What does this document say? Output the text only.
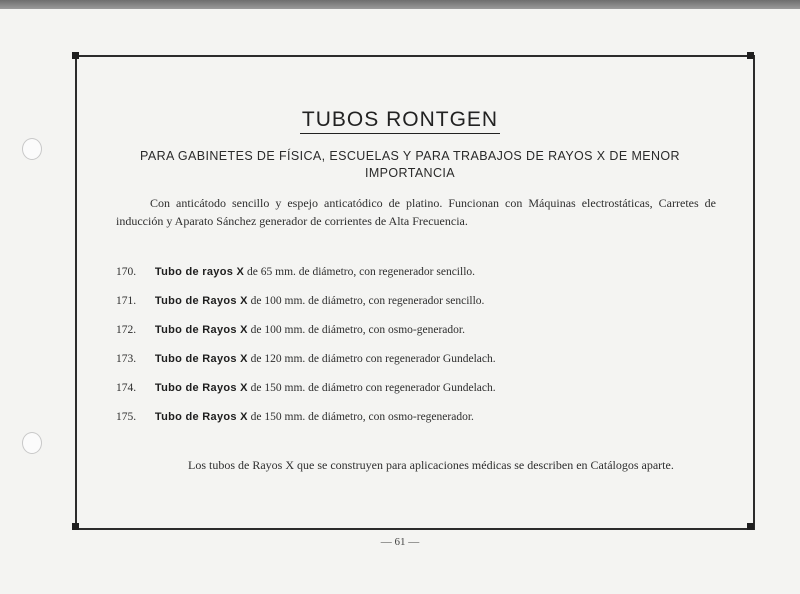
TUBOS RONTGEN
PARA GABINETES DE FÍSICA, ESCUELAS Y PARA TRABAJOS DE RAYOS X DE MENOR IMPORTANCIA
Con anticátodo sencillo y espejo anticatódico de platino. Funcionan con Máquinas electrostáticas, Carretes de inducción y Aparato Sánchez generador de corrientes de Alta Frecuencia.
170. Tubo de rayos X de 65 mm. de diámetro, con regenerador sencillo.
171. Tubo de Rayos X de 100 mm. de diámetro, con regenerador sencillo.
172. Tubo de Rayos X de 100 mm. de diámetro, con osmo-generador.
173. Tubo de Rayos X de 120 mm. de diámetro con regenerador Gundelach.
174. Tubo de Rayos X de 150 mm. de diámetro con regenerador Gundelach.
175. Tubo de Rayos X de 150 mm. de diámetro, con osmo-regenerador.
Los tubos de Rayos X que se construyen para aplicaciones médicas se describen en Catálogos aparte.
— 61 —
